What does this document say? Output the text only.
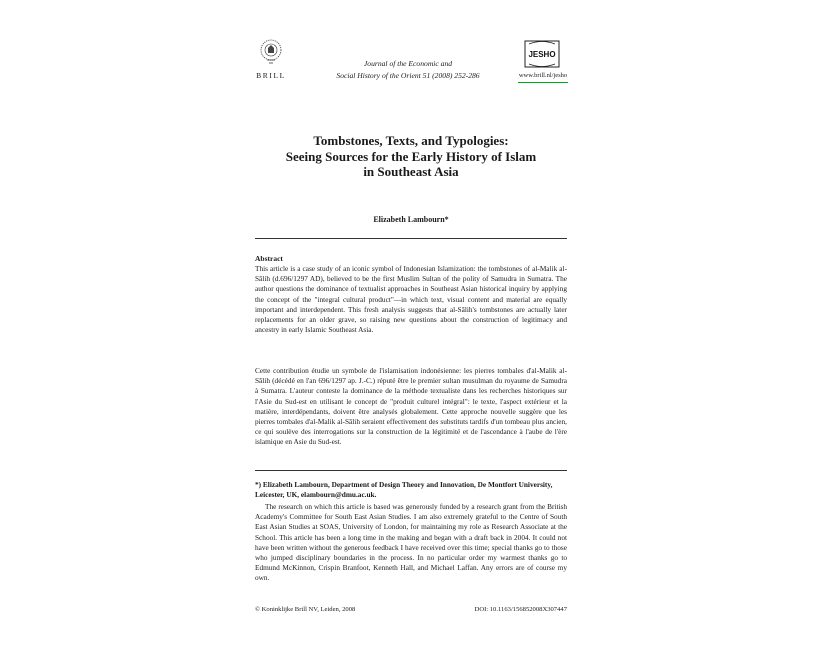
BRILL
Journal of the Economic and
Social History of the Orient 51 (2008) 252-286
JESHO
www.brill.nl/jesho
Tombstones, Texts, and Typologies:
Seeing Sources for the Early History of Islam
in Southeast Asia
Elizabeth Lambourn*
Abstract
This article is a case study of an iconic symbol of Indonesian Islamization: the tombstones of al-Malik al-Sālih (d.696/1297 AD), believed to be the first Muslim Sultan of the polity of Samudra in Sumatra. The author questions the dominance of textualist approaches in Southeast Asian historical inquiry by applying the concept of the "integral cultural product"—in which text, visual content and material are equally important and interdependent. This fresh analysis suggests that al-Sālih's tombstones are actually later replacements for an older grave, so raising new questions about the construction of legitimacy and ancestry in early Islamic Southeast Asia.
Cette contribution étudie un symbole de l'islamisation indonésienne: les pierres tombales d'al-Malik al-Sālih (décédé en l'an 696/1297 ap. J.-C.) réputé être le premier sultan musulman du royaume de Samudra à Sumatra. L'auteur conteste la dominance de la méthode textualiste dans les recherches historiques sur l'Asie du Sud-est en utilisant le concept de "produit culturel intégral": le texte, l'aspect extérieur et la matière, interdépendants, doivent être analysés globalement. Cette approche nouvelle suggère que les pierres tombales d'al-Malik al-Sālih seraient effectivement des substituts tardifs d'un tombeau plus ancien, ce qui soulève des interrogations sur la construction de la légitimité et de l'ascendance à l'aube de l'ère islamique en Asie du Sud-est.
*) Elizabeth Lambourn, Department of Design Theory and Innovation, De Montfort University, Leicester, UK, elambourn@dmu.ac.uk.
The research on which this article is based was generously funded by a research grant from the British Academy's Committee for South East Asian Studies. I am also extremely grateful to the Centre of South East Asian Studies at SOAS, University of London, for maintaining my role as Research Associate at the School. This article has been a long time in the making and began with a draft back in 2004. It could not have been written without the generous feedback I have received over this time; special thanks go to those who jumped disciplinary boundaries in the process. In no particular order my warmest thanks go to Edmund McKinnon, Crispin Branfoot, Kenneth Hall, and Michael Laffan. Any errors are of course my own.
© Koninklijke Brill NV, Leiden, 2008	DOI: 10.1163/156852008X307447
